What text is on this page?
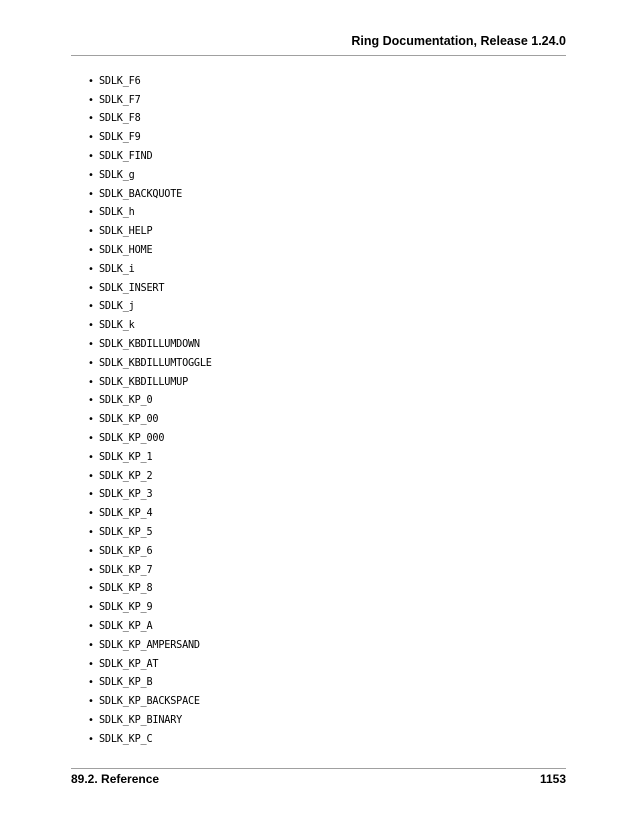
Ring Documentation, Release 1.24.0
• SDLK_F6
• SDLK_F7
• SDLK_F8
• SDLK_F9
• SDLK_FIND
• SDLK_g
• SDLK_BACKQUOTE
• SDLK_h
• SDLK_HELP
• SDLK_HOME
• SDLK_i
• SDLK_INSERT
• SDLK_j
• SDLK_k
• SDLK_KBDILLUMDOWN
• SDLK_KBDILLUMTOGGLE
• SDLK_KBDILLUMUP
• SDLK_KP_0
• SDLK_KP_00
• SDLK_KP_000
• SDLK_KP_1
• SDLK_KP_2
• SDLK_KP_3
• SDLK_KP_4
• SDLK_KP_5
• SDLK_KP_6
• SDLK_KP_7
• SDLK_KP_8
• SDLK_KP_9
• SDLK_KP_A
• SDLK_KP_AMPERSAND
• SDLK_KP_AT
• SDLK_KP_B
• SDLK_KP_BACKSPACE
• SDLK_KP_BINARY
• SDLK_KP_C
89.2. Reference	1153
